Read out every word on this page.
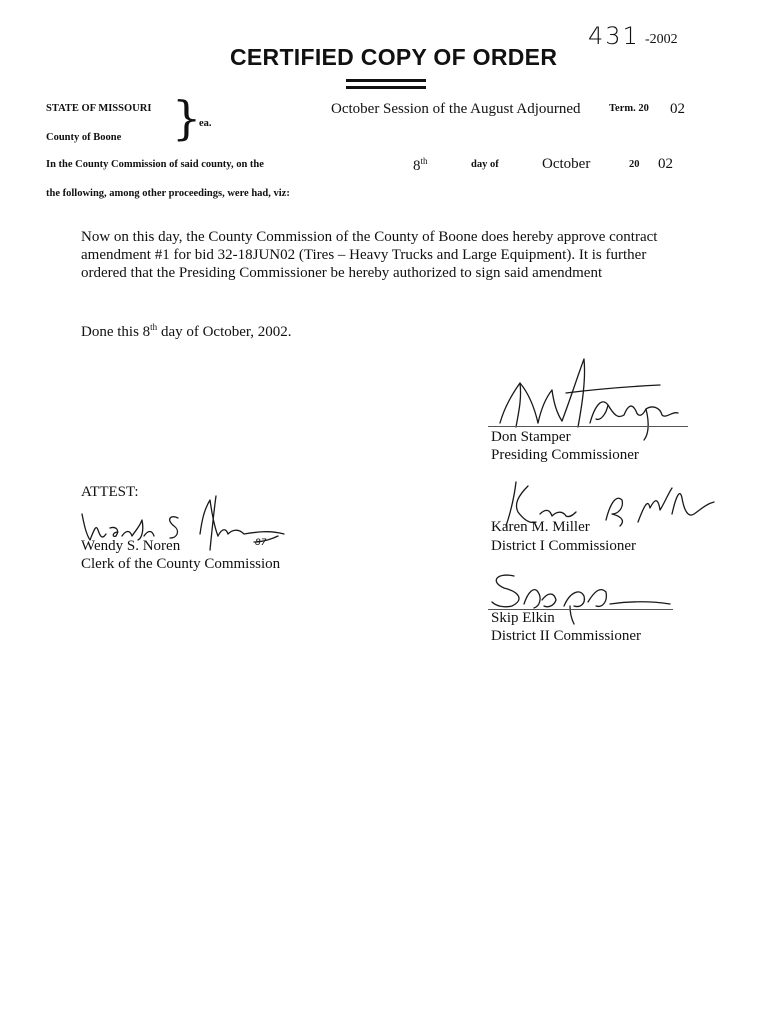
431 -2002
CERTIFIED COPY OF ORDER
STATE OF MISSOURI
County of Boone }
ea.
October Session of the August Adjourned	Term. 20 02
In the County Commission of said county, on the	8th	day of	October	20 02
the following, among other proceedings, were had, viz:
Now on this day, the County Commission of the County of Boone does hereby approve contract
amendment #1 for bid 32-18JUN02 (Tires – Heavy Trucks and Large Equipment). It is further
ordered that the Presiding Commissioner be hereby authorized to sign said amendment
Done this 8th day of October, 2002.
Don Stamper
Presiding Commissioner
Karen M. Miller
District I Commissioner
Skip Elkin
District II Commissioner
ATTEST:
Wendy S. Noren	87
Clerk of the County Commission
